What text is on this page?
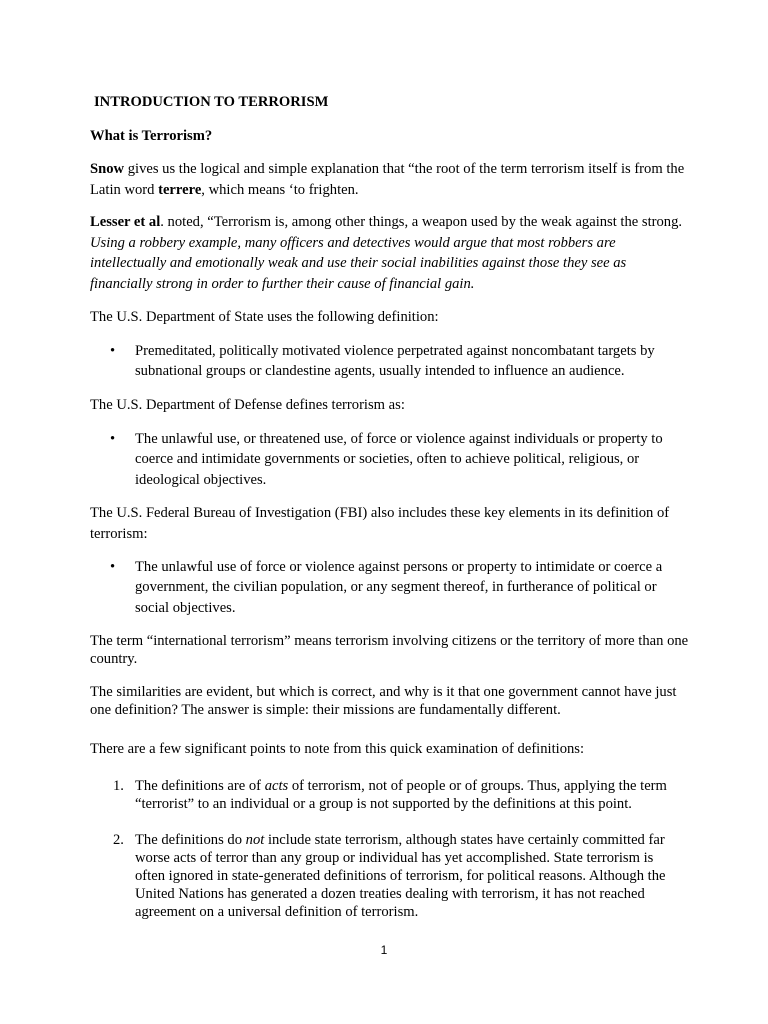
INTRODUCTION TO TERRORISM

What is Terrorism?

Snow gives us the logical and simple explanation that “the root of the term terrorism itself is from the Latin word terrere, which means ‘to frighten.

Lesser et al. noted, “Terrorism is, among other things, a weapon used by the weak against the strong. Using a robbery example, many officers and detectives would argue that most robbers are intellectually and emotionally weak and use their social inabilities against those they see as financially strong in order to further their cause of financial gain.

The U.S. Department of State uses the following definition:

• Premeditated, politically motivated violence perpetrated against noncombatant targets by subnational groups or clandestine agents, usually intended to influence an audience.

The U.S. Department of Defense defines terrorism as:

• The unlawful use, or threatened use, of force or violence against individuals or property to coerce and intimidate governments or societies, often to achieve political, religious, or ideological objectives.

The U.S. Federal Bureau of Investigation (FBI) also includes these key elements in its definition of terrorism:

• The unlawful use of force or violence against persons or property to intimidate or coerce a government, the civilian population, or any segment thereof, in furtherance of political or social objectives.

The term “international terrorism” means terrorism involving citizens or the territory of more than one country.

The similarities are evident, but which is correct, and why is it that one government cannot have just one definition? The answer is simple: their missions are fundamentally different.

There are a few significant points to note from this quick examination of definitions:

1. The definitions are of acts of terrorism, not of people or of groups. Thus, applying the term “terrorist” to an individual or a group is not supported by the definitions at this point.

2. The definitions do not include state terrorism, although states have certainly committed far worse acts of terror than any group or individual has yet accomplished. State terrorism is often ignored in state-generated definitions of terrorism, for political reasons. Although the United Nations has generated a dozen treaties dealing with terrorism, it has not reached agreement on a universal definition of terrorism.

1
